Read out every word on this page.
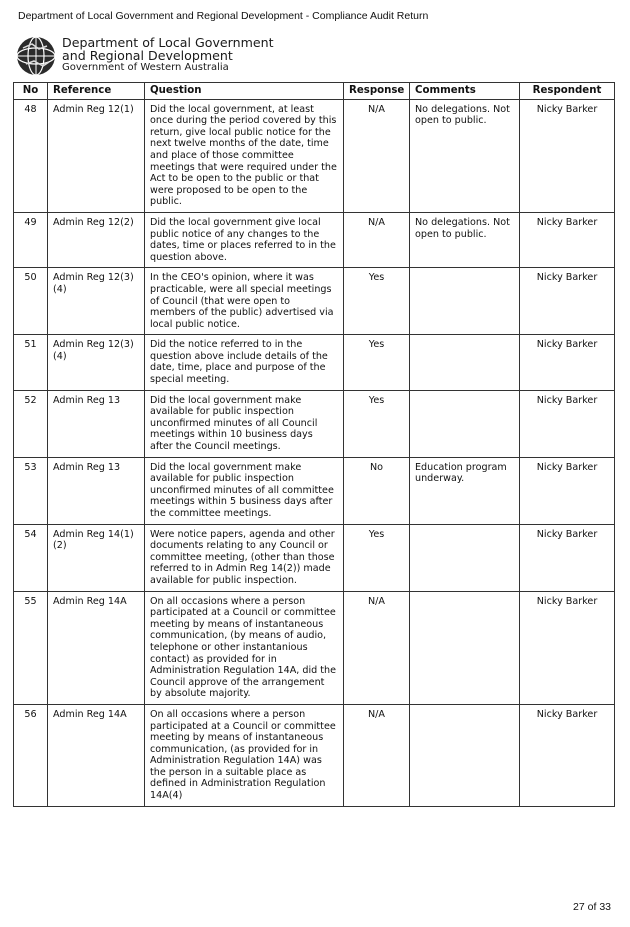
Department of Local Government and Regional Development - Compliance Audit Return
Department of Local Government
and Regional Development
Government of Western Australia
No	Reference	Question	Response	Comments	Respondent
48	Admin Reg 12(1)	Did the local government, at least once during the period covered by this return, give local public notice for the next twelve months of the date, time and place of those committee meetings that were required under the Act to be open to the public or that were proposed to be open to the public.	N/A	No delegations. Not open to public.	Nicky Barker
49	Admin Reg 12(2)	Did the local government give local public notice of any changes to the dates, time or places referred to in the question above.	N/A	No delegations. Not open to public.	Nicky Barker
50	Admin Reg 12(3) (4)	In the CEO's opinion, where it was practicable, were all special meetings of Council (that were open to members of the public) advertised via local public notice.	Yes		Nicky Barker
51	Admin Reg 12(3) (4)	Did the notice referred to in the question above include details of the date, time, place and purpose of the special meeting.	Yes		Nicky Barker
52	Admin Reg 13	Did the local government make available for public inspection unconfirmed minutes of all Council meetings within 10 business days after the Council meetings.	Yes		Nicky Barker
53	Admin Reg 13	Did the local government make available for public inspection unconfirmed minutes of all committee meetings within 5 business days after the committee meetings.	No	Education program underway.	Nicky Barker
54	Admin Reg 14(1) (2)	Were notice papers, agenda and other documents relating to any Council or committee meeting, (other than those referred to in Admin Reg 14(2)) made available for public inspection.	Yes		Nicky Barker
55	Admin Reg 14A	On all occasions where a person participated at a Council or committee meeting by means of instantaneous communication, (by means of audio, telephone or other instantanious contact) as provided for in Administration Regulation 14A, did the Council approve of the arrangement by absolute majority.	N/A		Nicky Barker
56	Admin Reg 14A	On all occasions where a person participated at a Council or committee meeting by means of instantaneous communication, (as provided for in Administration Regulation 14A) was the person in a suitable place as defined in Administration Regulation 14A(4)	N/A		Nicky Barker
27 of 33
